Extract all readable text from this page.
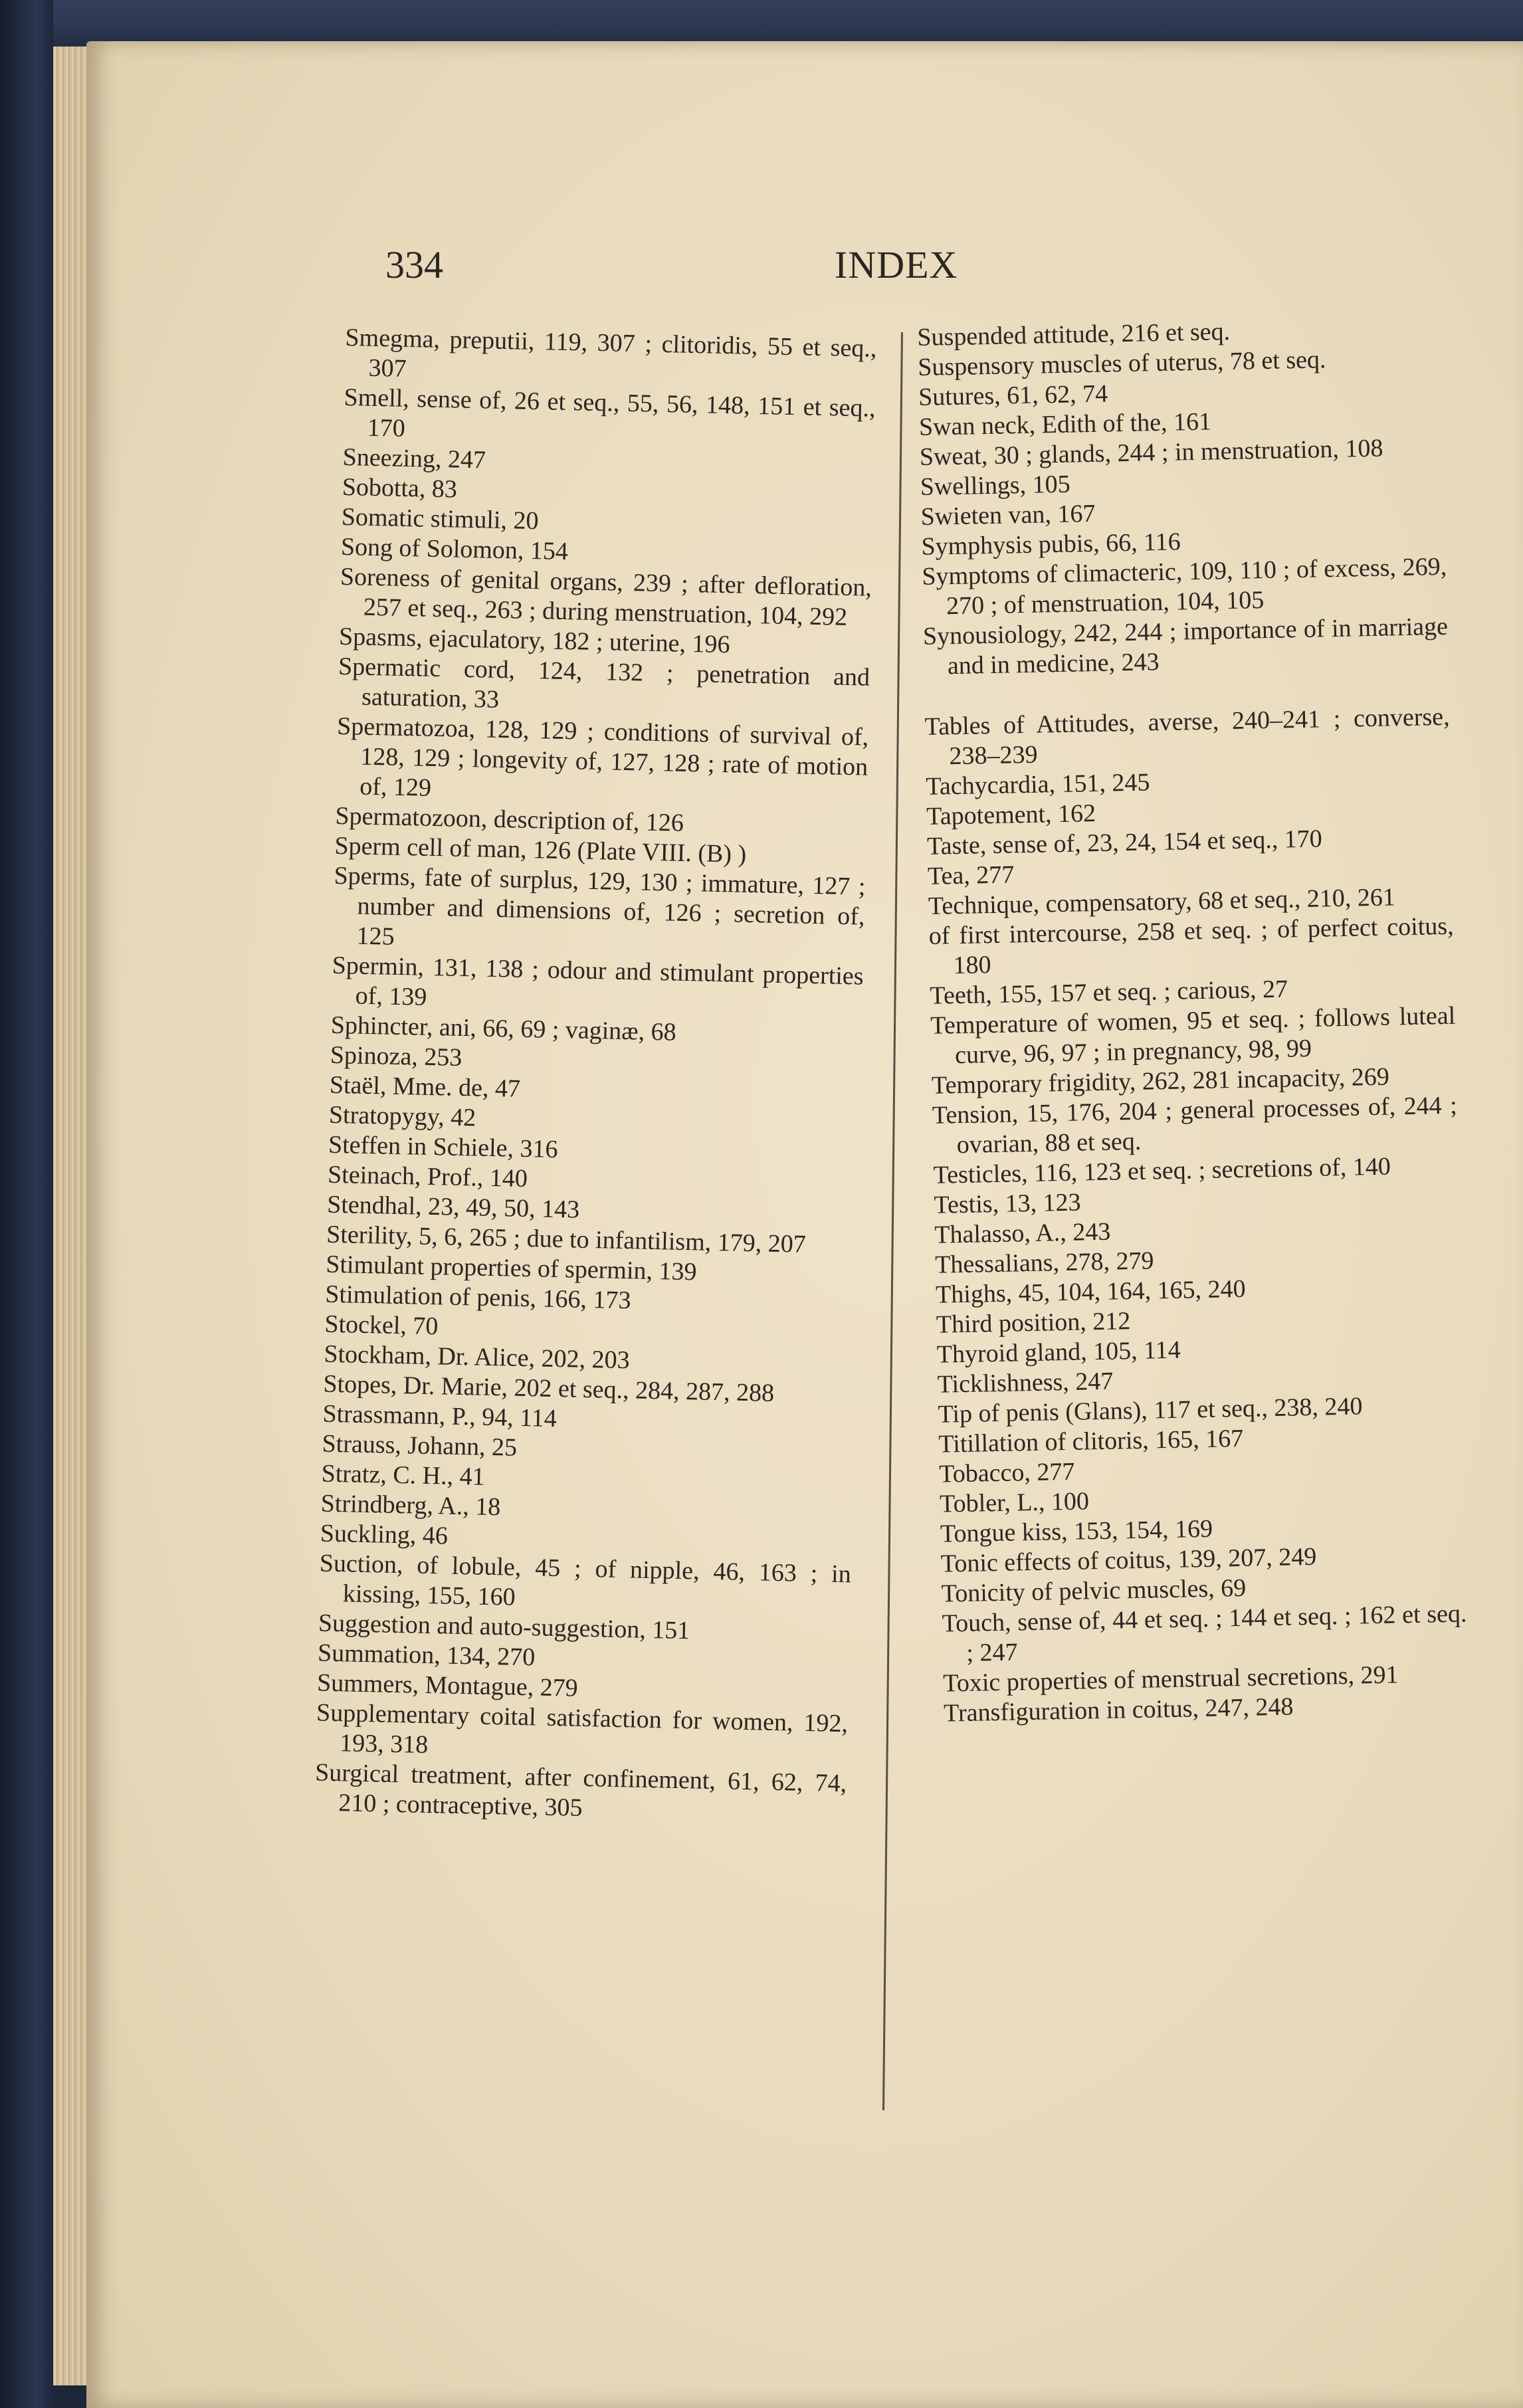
334	INDEX

Smegma, preputii, 119, 307 ; clitoridis, 55 et seq., 307

Smell, sense of, 26 et seq., 55, 56, 148, 151 et seq., 170

Sneezing, 247

Sobotta, 83

Somatic stimuli, 20

Song of Solomon, 154

Soreness of genital organs, 239 ; after defloration, 257 et seq., 263 ; during menstruation, 104, 292

Spasms, ejaculatory, 182 ; uterine, 196

Spermatic cord, 124, 132 ; penetration and saturation, 33

Spermatozoa, 128, 129 ; conditions of survival of, 128, 129 ; longevity of, 127, 128 ; rate of motion of, 129

Spermatozoon, description of, 126

Sperm cell of man, 126 (Plate VIII. (B) )

Sperms, fate of surplus, 129, 130 ; immature, 127 ; number and dimensions of, 126 ; secretion of, 125

Spermin, 131, 138 ; odour and stimulant properties of, 139

Sphincter, ani, 66, 69 ; vaginæ, 68

Spinoza, 253

Staël, Mme. de, 47

Stratopygy, 42

Steffen in Schiele, 316

Steinach, Prof., 140

Stendhal, 23, 49, 50, 143

Sterility, 5, 6, 265 ; due to infantilism, 179, 207

Stimulant properties of spermin, 139

Stimulation of penis, 166, 173

Stockel, 70

Stockham, Dr. Alice, 202, 203

Stopes, Dr. Marie, 202 et seq., 284, 287, 288

Strassmann, P., 94, 114

Strauss, Johann, 25

Stratz, C. H., 41

Strindberg, A., 18

Suckling, 46

Suction, of lobule, 45 ; of nipple, 46, 163 ; in kissing, 155, 160

Suggestion and auto-suggestion, 151

Summation, 134, 270

Summers, Montague, 279

Supplementary coital satisfaction for women, 192, 193, 318

Surgical treatment, after confinement, 61, 62, 74, 210 ; contraceptive, 305

Suspended attitude, 216 et seq.

Suspensory muscles of uterus, 78 et seq.

Sutures, 61, 62, 74

Swan neck, Edith of the, 161

Sweat, 30 ; glands, 244 ; in menstruation, 108

Swellings, 105

Swieten van, 167

Symphysis pubis, 66, 116

Symptoms of climacteric, 109, 110 ; of excess, 269, 270 ; of menstruation, 104, 105

Synousiology, 242, 244 ; importance of in marriage and in medicine, 243

Tables of Attitudes, averse, 240–241 ; converse, 238–239

Tachycardia, 151, 245

Tapotement, 162

Taste, sense of, 23, 24, 154 et seq., 170

Tea, 277

Technique, compensatory, 68 et seq., 210, 261

of first intercourse, 258 et seq. ; of perfect coitus, 180

Teeth, 155, 157 et seq. ; carious, 27

Temperature of women, 95 et seq. ; follows luteal curve, 96, 97 ; in pregnancy, 98, 99

Temporary frigidity, 262, 281 incapacity, 269

Tension, 15, 176, 204 ; general processes of, 244 ; ovarian, 88 et seq.

Testicles, 116, 123 et seq. ; secretions of, 140

Testis, 13, 123

Thalasso, A., 243

Thessalians, 278, 279

Thighs, 45, 104, 164, 165, 240

Third position, 212

Thyroid gland, 105, 114

Ticklishness, 247

Tip of penis (Glans), 117 et seq., 238, 240

Titillation of clitoris, 165, 167

Tobacco, 277

Tobler, L., 100

Tongue kiss, 153, 154, 169

Tonic effects of coitus, 139, 207, 249

Tonicity of pelvic muscles, 69

Touch, sense of, 44 et seq. ; 144 et seq. ; 162 et seq. ; 247

Toxic properties of menstrual secretions, 291

Transfiguration in coitus, 247, 248
